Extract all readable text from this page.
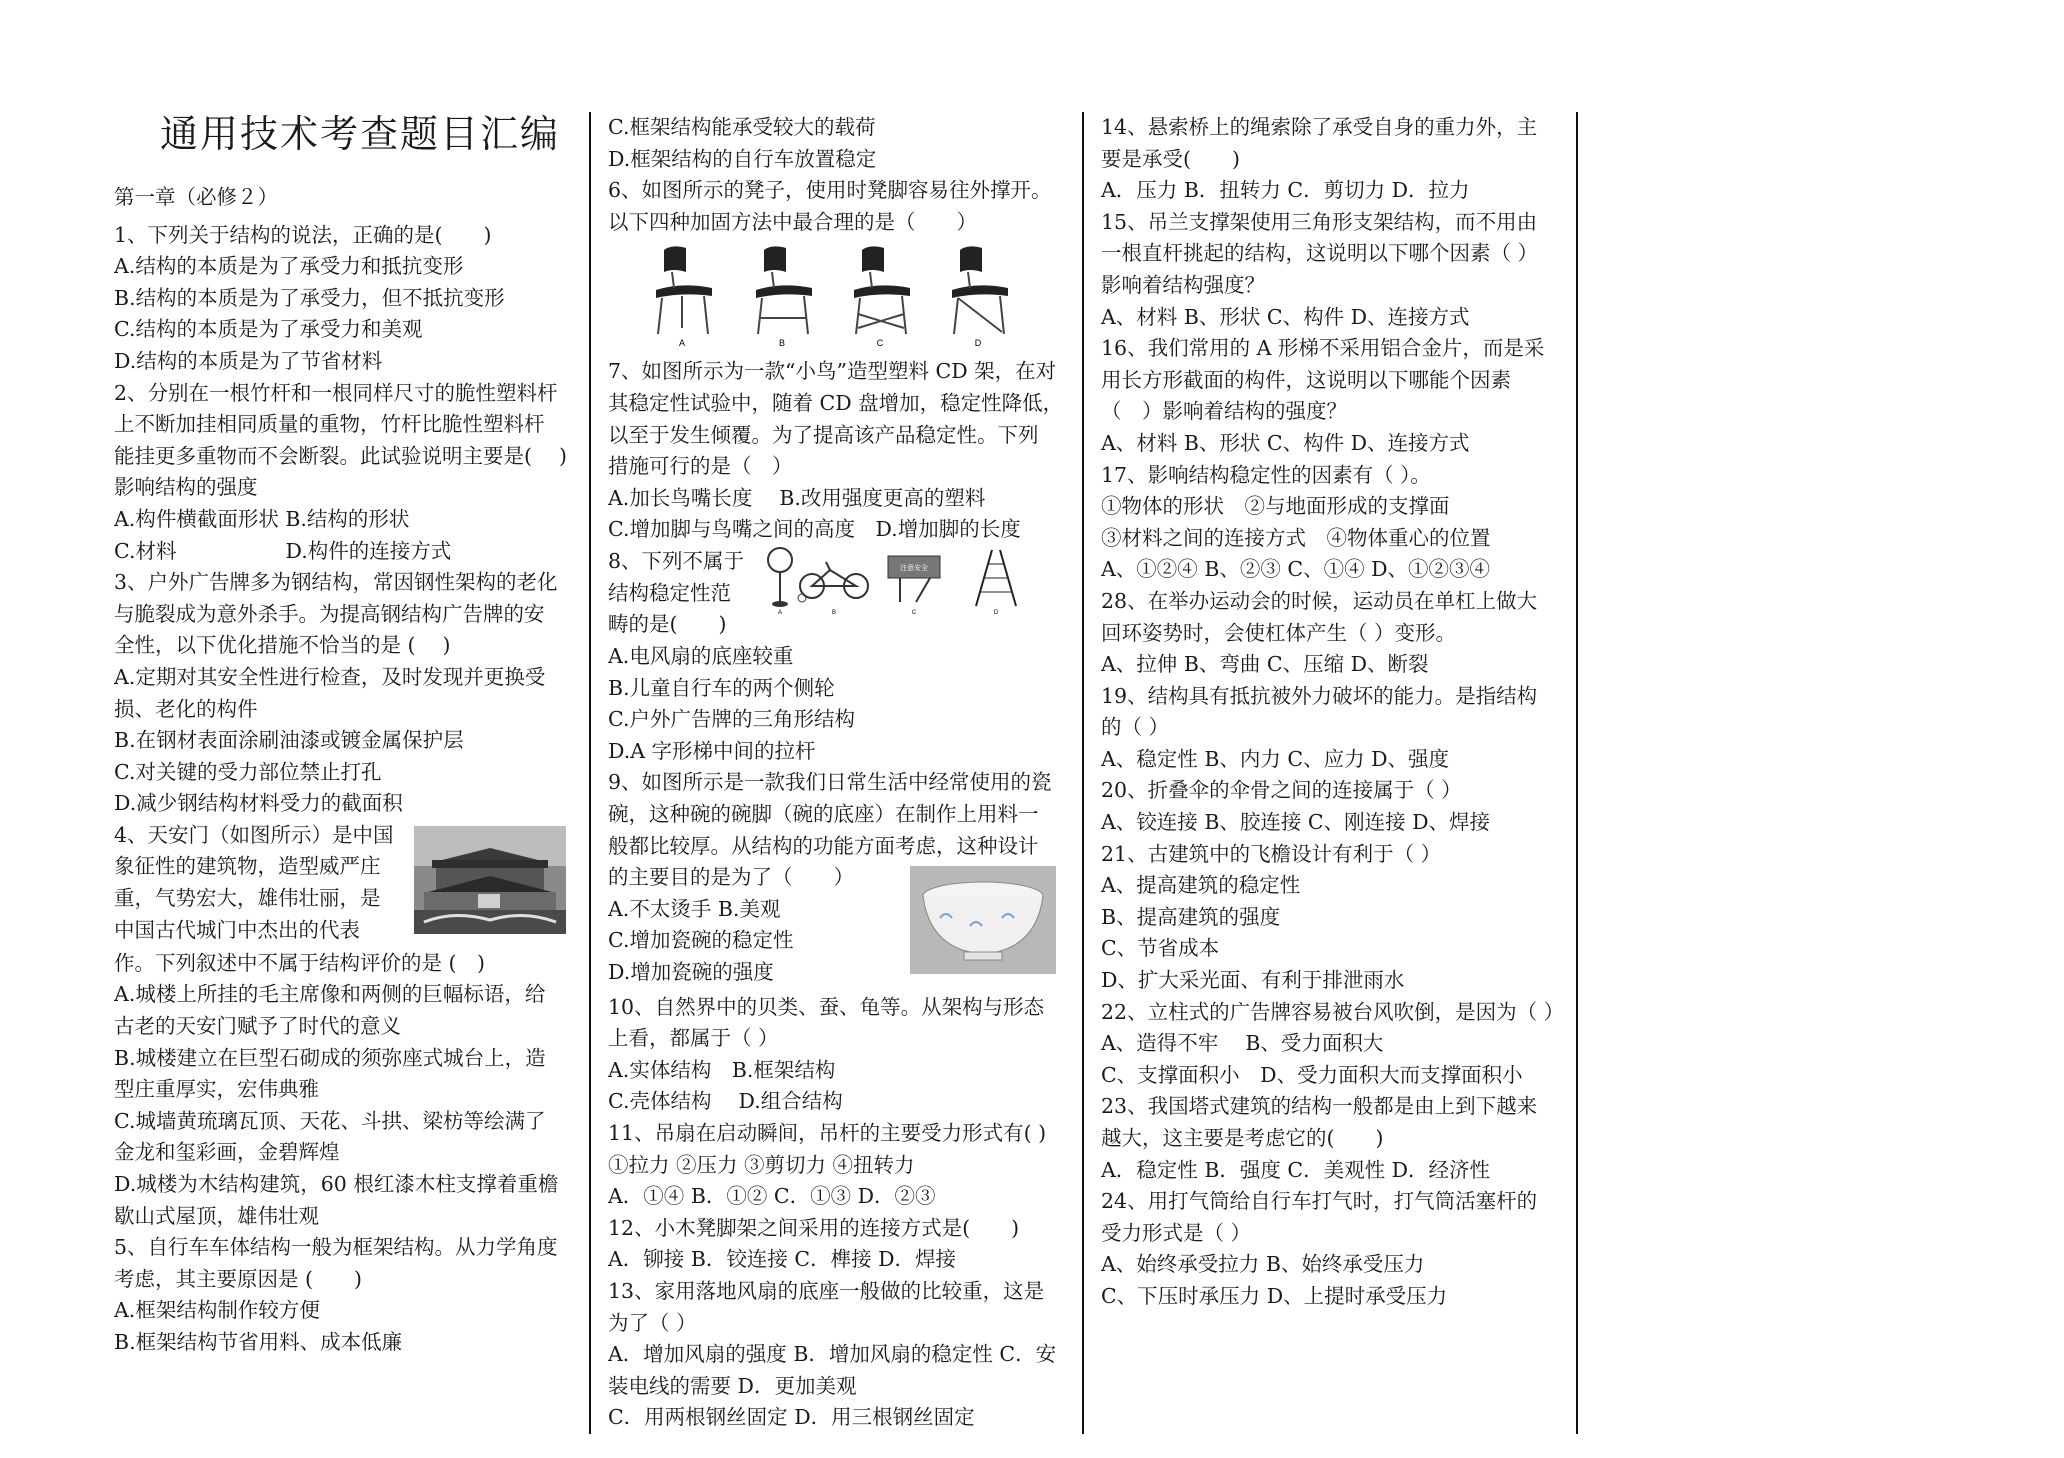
通用技术考查题目汇编
第一章（必修２）
1、下列关于结构的说法，正确的是(　　)
A.结构的本质是为了承受力和抵抗变形
B.结构的本质是为了承受力，但不抵抗变形
C.结构的本质是为了承受力和美观
D.结构的本质是为了节省材料
2、分别在一根竹杆和一根同样尺寸的脆性塑料杆
上不断加挂相同质量的重物，竹杆比脆性塑料杆
能挂更多重物而不会断裂。此试验说明主要是(　 )
影响结构的强度
A.构件横截面形状 B.结构的形状
C.材料　　　　　 D.构件的连接方式
3、户外广告牌多为钢结构，常因钢性架构的老化
与脆裂成为意外杀手。为提高钢结构广告牌的安
全性，以下优化措施不恰当的是 (　 )
A.定期对其安全性进行检查，及时发现并更换受
损、老化的构件
B.在钢材表面涂刷油漆或镀金属保护层
C.对关键的受力部位禁止打孔
D.减少钢结构材料受力的截面积
4、天安门（如图所示）是中国
象征性的建筑物，造型威严庄
重，气势宏大，雄伟壮丽，是
中国古代城门中杰出的代表
作。下列叙述中不属于结构评价的是 (　)
A.城楼上所挂的毛主席像和两侧的巨幅标语，给
古老的天安门赋予了时代的意义
B.城楼建立在巨型石砌成的须弥座式城台上，造
型庄重厚实，宏伟典雅
C.城墙黄琉璃瓦顶、天花、斗拱、梁枋等绘满了
金龙和玺彩画，金碧辉煌
D.城楼为木结构建筑，60 根红漆木柱支撑着重檐
歇山式屋顶，雄伟壮观
5、自行车车体结构一般为框架结构。从力学角度
考虑，其主要原因是 (　　)
A.框架结构制作较方便
B.框架结构节省用料、成本低廉
C.框架结构能承受较大的载荷
D.框架结构的自行车放置稳定
6、如图所示的凳子，使用时凳脚容易往外撑开。
以下四种加固方法中最合理的是（　　）
A	B	C	D
7、如图所示为一款“小鸟”造型塑料 CD 架，在对
其稳定性试验中，随着 CD 盘增加，稳定性降低，
以至于发生倾覆。为了提高该产品稳定性。下列
措施可行的是（　）
A.加长鸟嘴长度　 B.改用强度更高的塑料
C.增加脚与鸟嘴之间的高度　D.增加脚的长度
8、下列不属于
结构稳定性范
畴的是(　　)	A	B
注意安全
C	D
A.电风扇的底座较重
B.儿童自行车的两个侧轮
C.户外广告牌的三角形结构
D.A 字形梯中间的拉杆
9、如图所示是一款我们日常生活中经常使用的瓷
碗，这种碗的碗脚（碗的底座）在制作上用料一
般都比较厚。从结构的功能方面考虑，这种设计
的主要目的是为了（　　）
A.不太烫手 B.美观
C.增加瓷碗的稳定性
D.增加瓷碗的强度
10、自然界中的贝类、蚕、龟等。从架构与形态
上看，都属于（ ）
A.实体结构　B.框架结构
C.壳体结构　 D.组合结构
11、吊扇在启动瞬间，吊杆的主要受力形式有( )
①拉力 ②压力 ③剪切力 ④扭转力
A．①④ B．①② C．①③ D．②③
12、小木凳脚架之间采用的连接方式是(　　)
A．铆接 B．铰连接 C．榫接 D．焊接
13、家用落地风扇的底座一般做的比较重，这是
为了（ ）
A．增加风扇的强度 B．增加风扇的稳定性 C．安
装电线的需要 D．更加美观
C．用两根钢丝固定 D．用三根钢丝固定
14、悬索桥上的绳索除了承受自身的重力外，主
要是承受(　　)
A．压力 B．扭转力 C．剪切力 D．拉力
15、吊兰支撑架使用三角形支架结构，而不用由
一根直杆挑起的结构，这说明以下哪个因素（ ）
影响着结构强度？
A、材料 B、形状 C、构件 D、连接方式
16、我们常用的 A 形梯不采用铝合金片，而是采
用长方形截面的构件，这说明以下哪能个因素
（　）影响着结构的强度？
A、材料 B、形状 C、构件 D、连接方式
17、影响结构稳定性的因素有（ ）。
①物体的形状　②与地面形成的支撑面
③材料之间的连接方式　④物体重心的位置
A、①②④ B、②③ C、①④ D、①②③④
28、在举办运动会的时候，运动员在单杠上做大
回环姿势时，会使杠体产生（ ）变形。
A、拉伸 B、弯曲 C、压缩 D、断裂
19、结构具有抵抗被外力破坏的能力。是指结构
的（ ）
A、稳定性 B、内力 C、应力 D、强度
20、折叠伞的伞骨之间的连接属于（ ）
A、铰连接 B、胶连接 C、刚连接 D、焊接
21、古建筑中的飞檐设计有利于（ ）
A、提高建筑的稳定性
B、提高建筑的强度
C、节省成本
D、扩大采光面、有利于排泄雨水
22、立柱式的广告牌容易被台风吹倒，是因为（ ）
A、造得不牢　 B、受力面积大
C、支撑面积小　D、受力面积大而支撑面积小
23、我国塔式建筑的结构一般都是由上到下越来
越大，这主要是考虑它的(　　)
A．稳定性 B．强度 C．美观性 D．经济性
24、用打气筒给自行车打气时，打气筒活塞杆的
受力形式是（ ）
A、始终承受拉力 B、始终承受压力
C、下压时承压力 D、上提时承受压力
